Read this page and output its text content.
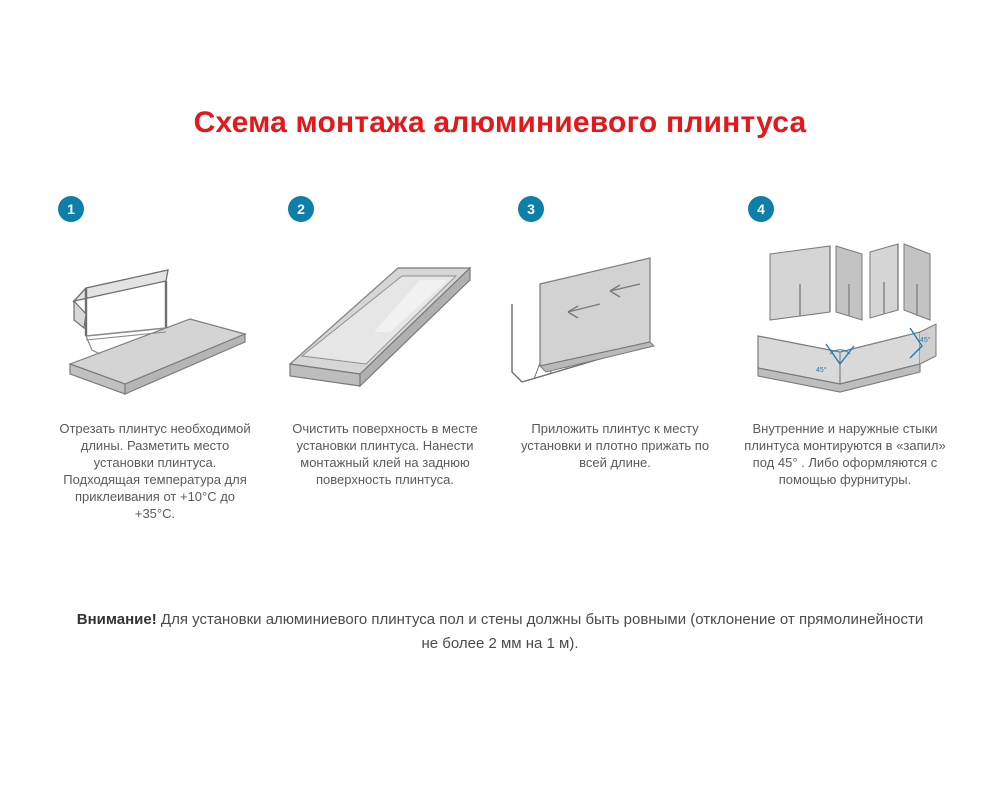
Схема монтажа алюминиевого плинтуса
1
Отрезать плинтус необходимой длины. Разметить место установки плинтуса. Подходящая температура для приклеивания от +10°С до +35°С.
2
Очистить поверхность в месте установки плинтуса. Нанести монтажный клей на заднюю поверхность плинтуса.
3
Приложить плинтус к месту установки и плотно прижать по всей длине.
4
45°
45°
Внутренние и наружные стыки плинтуса монтируются в «запил» под 45° . Либо оформляются с помощью фурнитуры.
Внимание! Для установки алюминиевого плинтуса пол и стены должны быть ровными (отклонение от прямолинейности не более 2 мм на 1 м).
